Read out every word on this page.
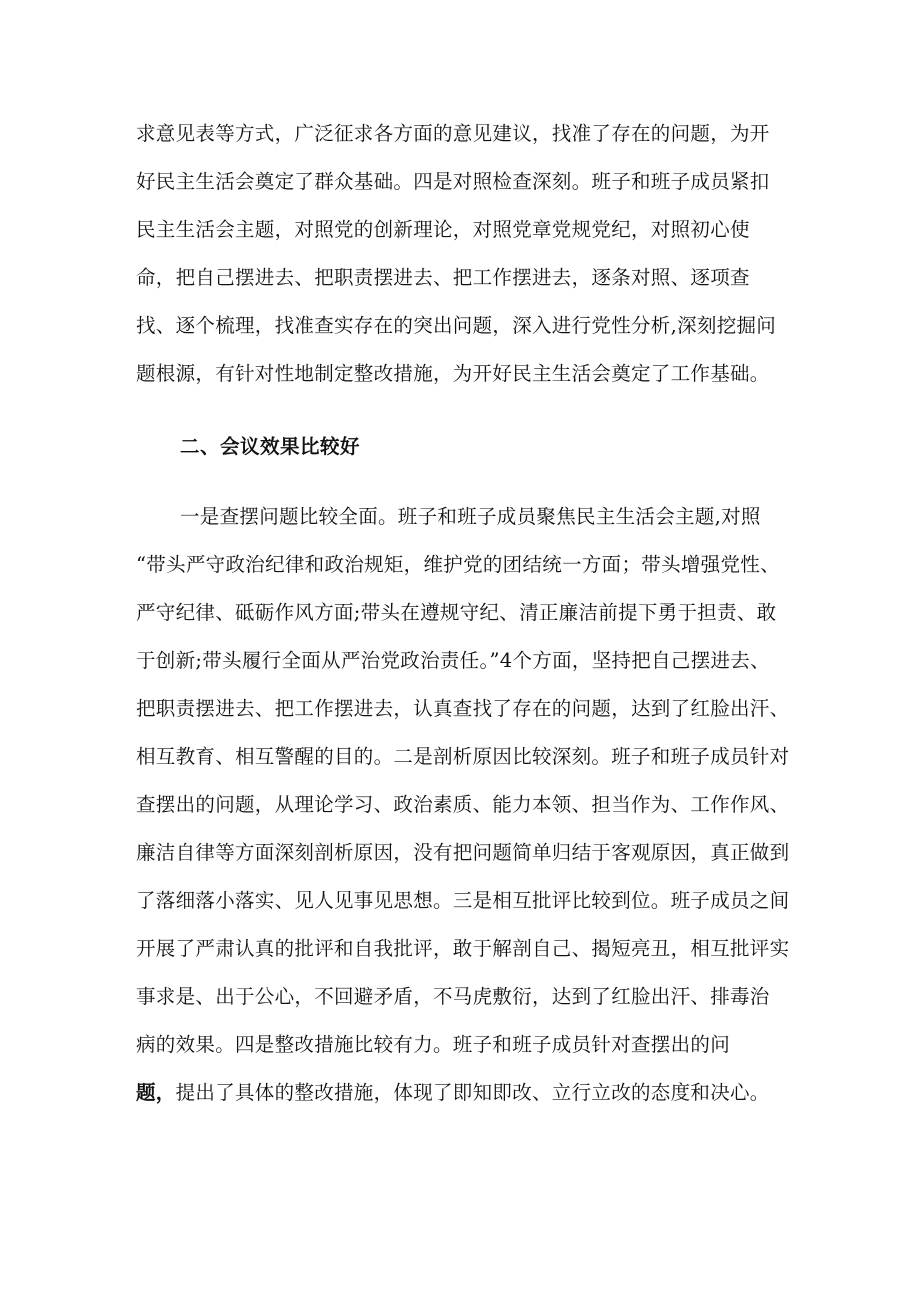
求意见表等方式，广泛征求各方面的意见建议，找准了存在的问题，为开
好民主生活会奠定了群众基础。四是对照检查深刻。班子和班子成员紧扣
民主生活会主题，对照党的创新理论，对照党章党规党纪，对照初心使
命，把自己摆进去、把职责摆进去、把工作摆进去，逐条对照、逐项查
找、逐个梳理，找准查实存在的突出问题，深入进行党性分析,深刻挖掘问
题根源，有针对性地制定整改措施，为开好民主生活会奠定了工作基础。
二、会议效果比较好
一是查摆问题比较全面。班子和班子成员聚焦民主生活会主题,对照
“带头严守政治纪律和政治规矩，维护党的团结统一方面；带头增强党性、
严守纪律、砥砺作风方面;带头在遵规守纪、清正廉洁前提下勇于担责、敢
于创新;带头履行全面从严治党政治责任。”4个方面，坚持把自己摆进去、
把职责摆进去、把工作摆进去，认真查找了存在的问题，达到了红脸出汗、
相互教育、相互警醒的目的。二是剖析原因比较深刻。班子和班子成员针对
查摆出的问题，从理论学习、政治素质、能力本领、担当作为、工作作风、
廉洁自律等方面深刻剖析原因，没有把问题简单归结于客观原因，真正做到
了落细落小落实、见人见事见思想。三是相互批评比较到位。班子成员之间
开展了严肃认真的批评和自我批评，敢于解剖自己、揭短亮丑，相互批评实
事求是、出于公心，不回避矛盾，不马虎敷衍，达到了红脸出汗、排毒治
病的效果。四是整改措施比较有力。班子和班子成员针对查摆出的问
题，提出了具体的整改措施，体现了即知即改、立行立改的态度和决心。
